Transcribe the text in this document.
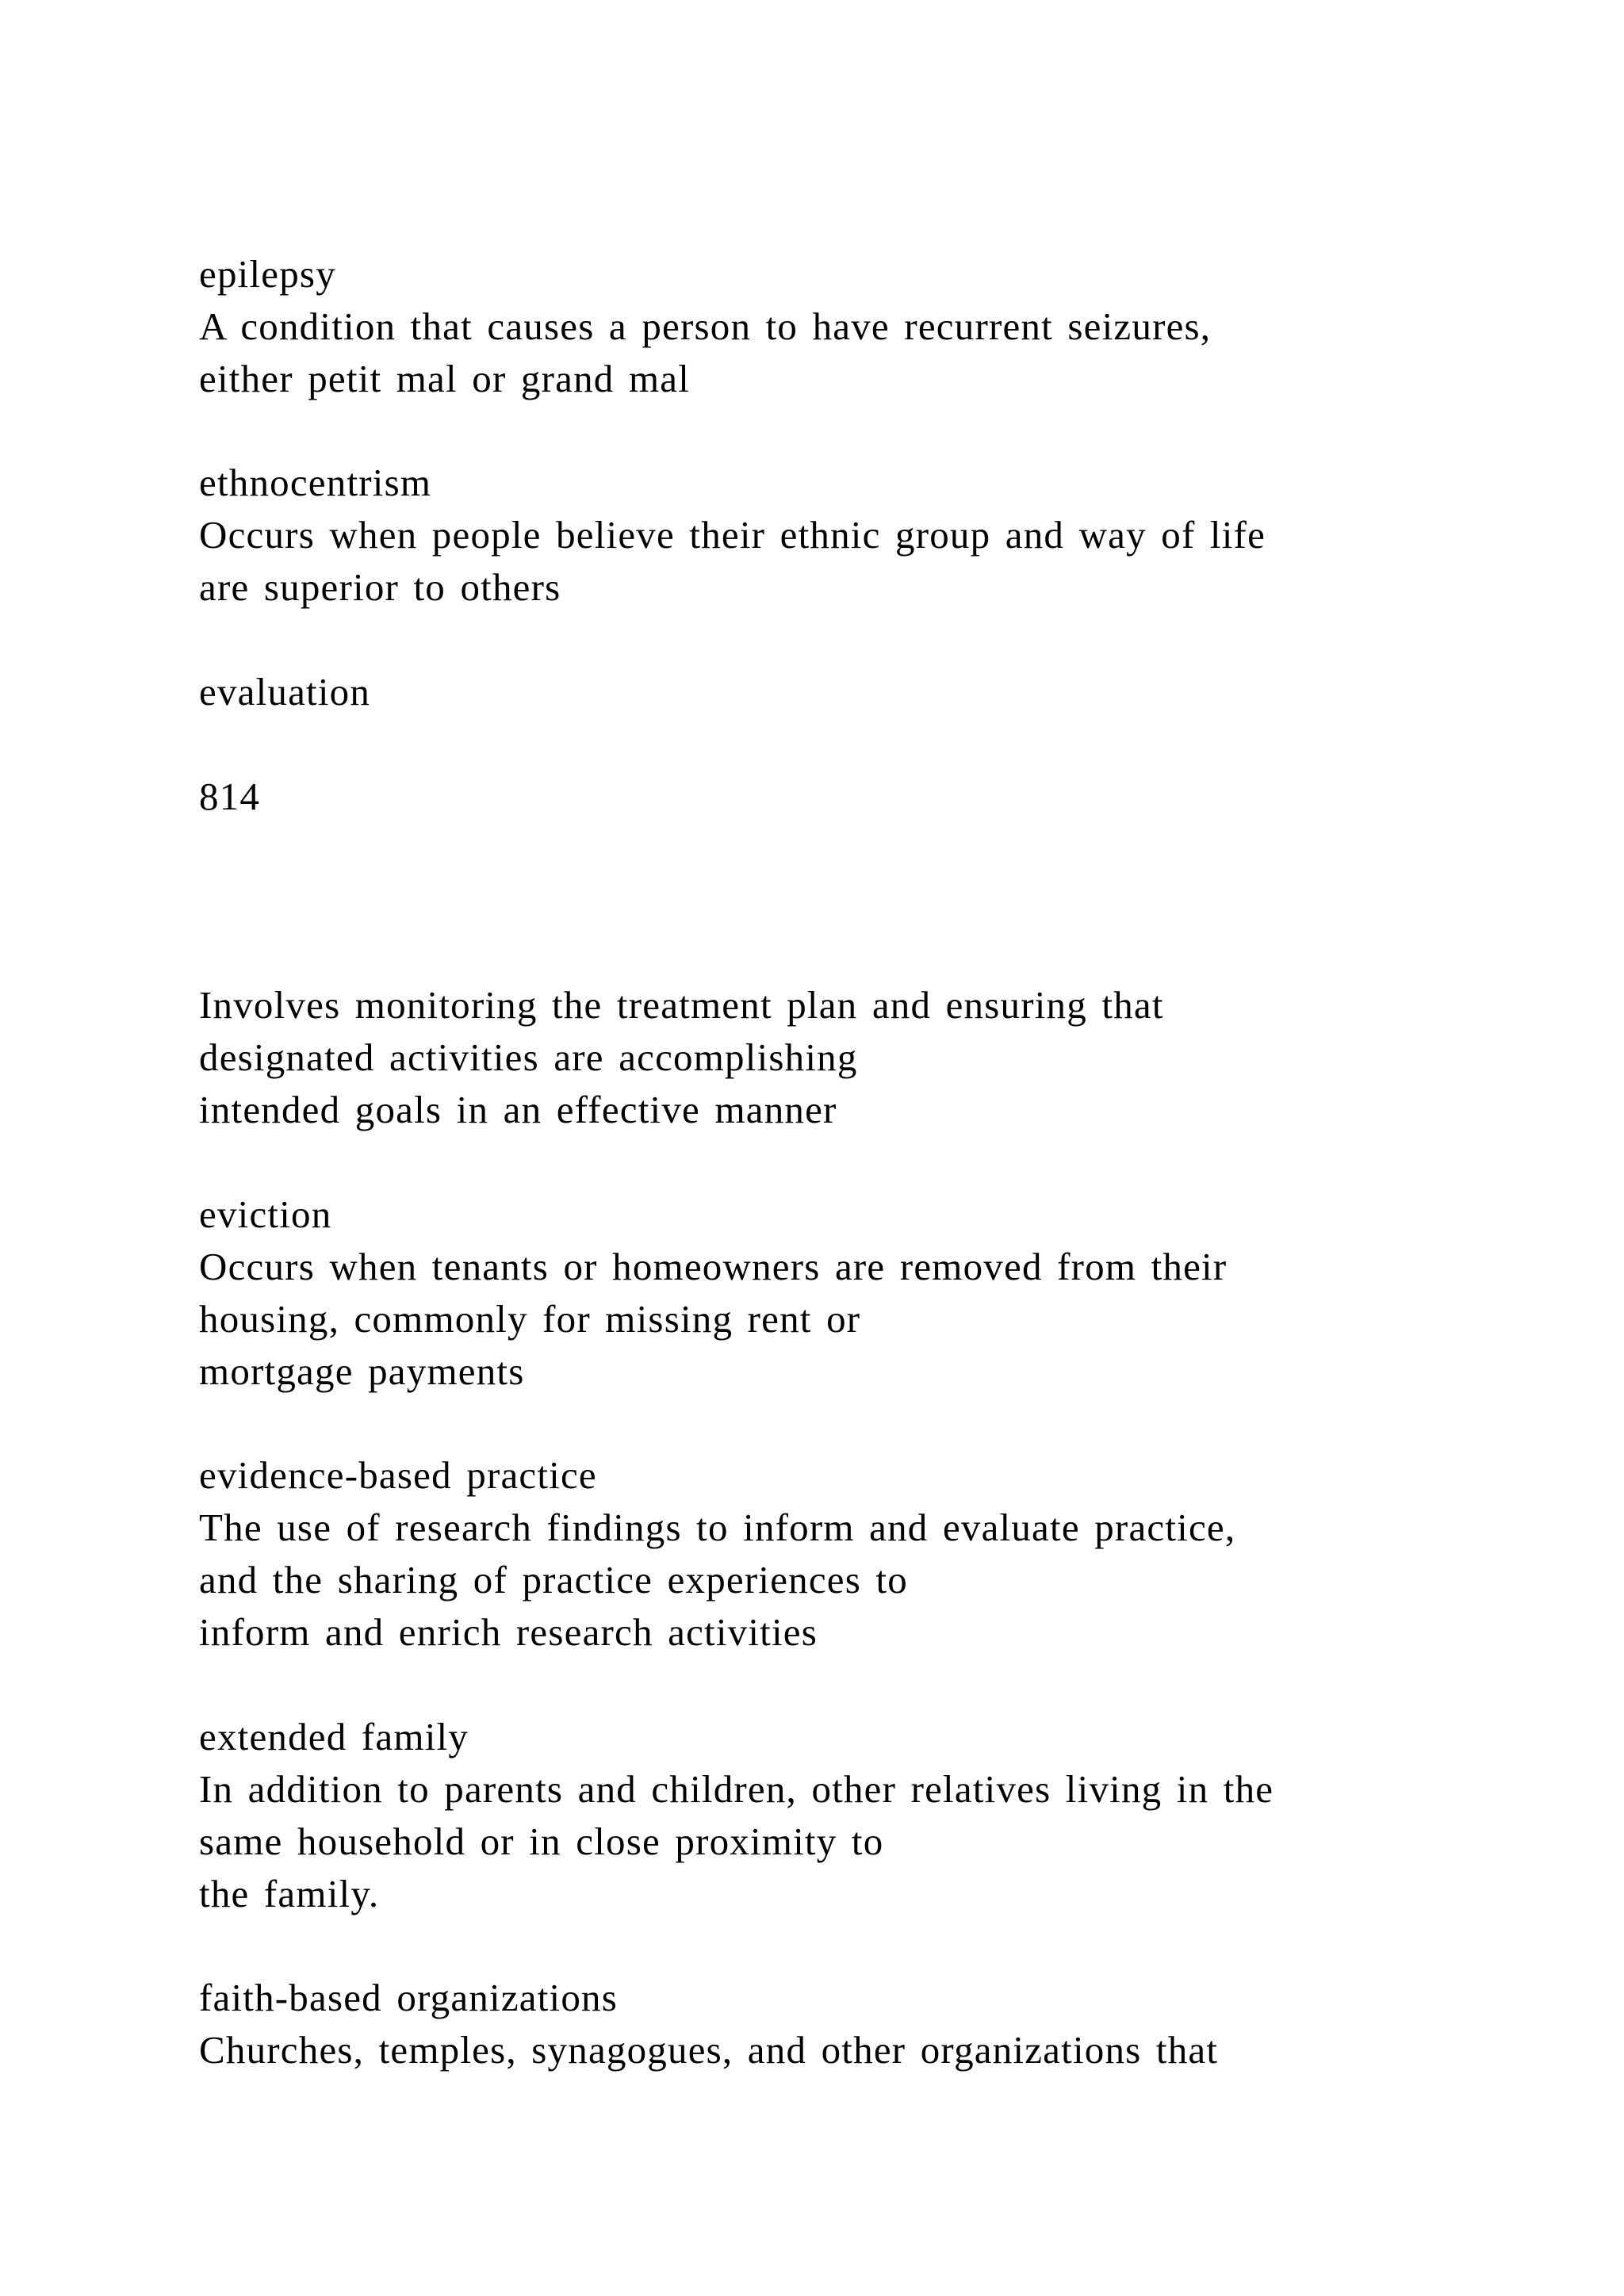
epilepsy

A condition that causes a person to have recurrent seizures,

either petit mal or grand mal

ethnocentrism

Occurs when people believe their ethnic group and way of life

are superior to others

evaluation

814

Involves monitoring the treatment plan and ensuring that

designated activities are accomplishing

intended goals in an effective manner

eviction

Occurs when tenants or homeowners are removed from their

housing, commonly for missing rent or

mortgage payments

evidence-based practice

The use of research findings to inform and evaluate practice,

and the sharing of practice experiences to

inform and enrich research activities

extended family

In addition to parents and children, other relatives living in the

same household or in close proximity to

the family.

faith-based organizations

Churches, temples, synagogues, and other organizations that
